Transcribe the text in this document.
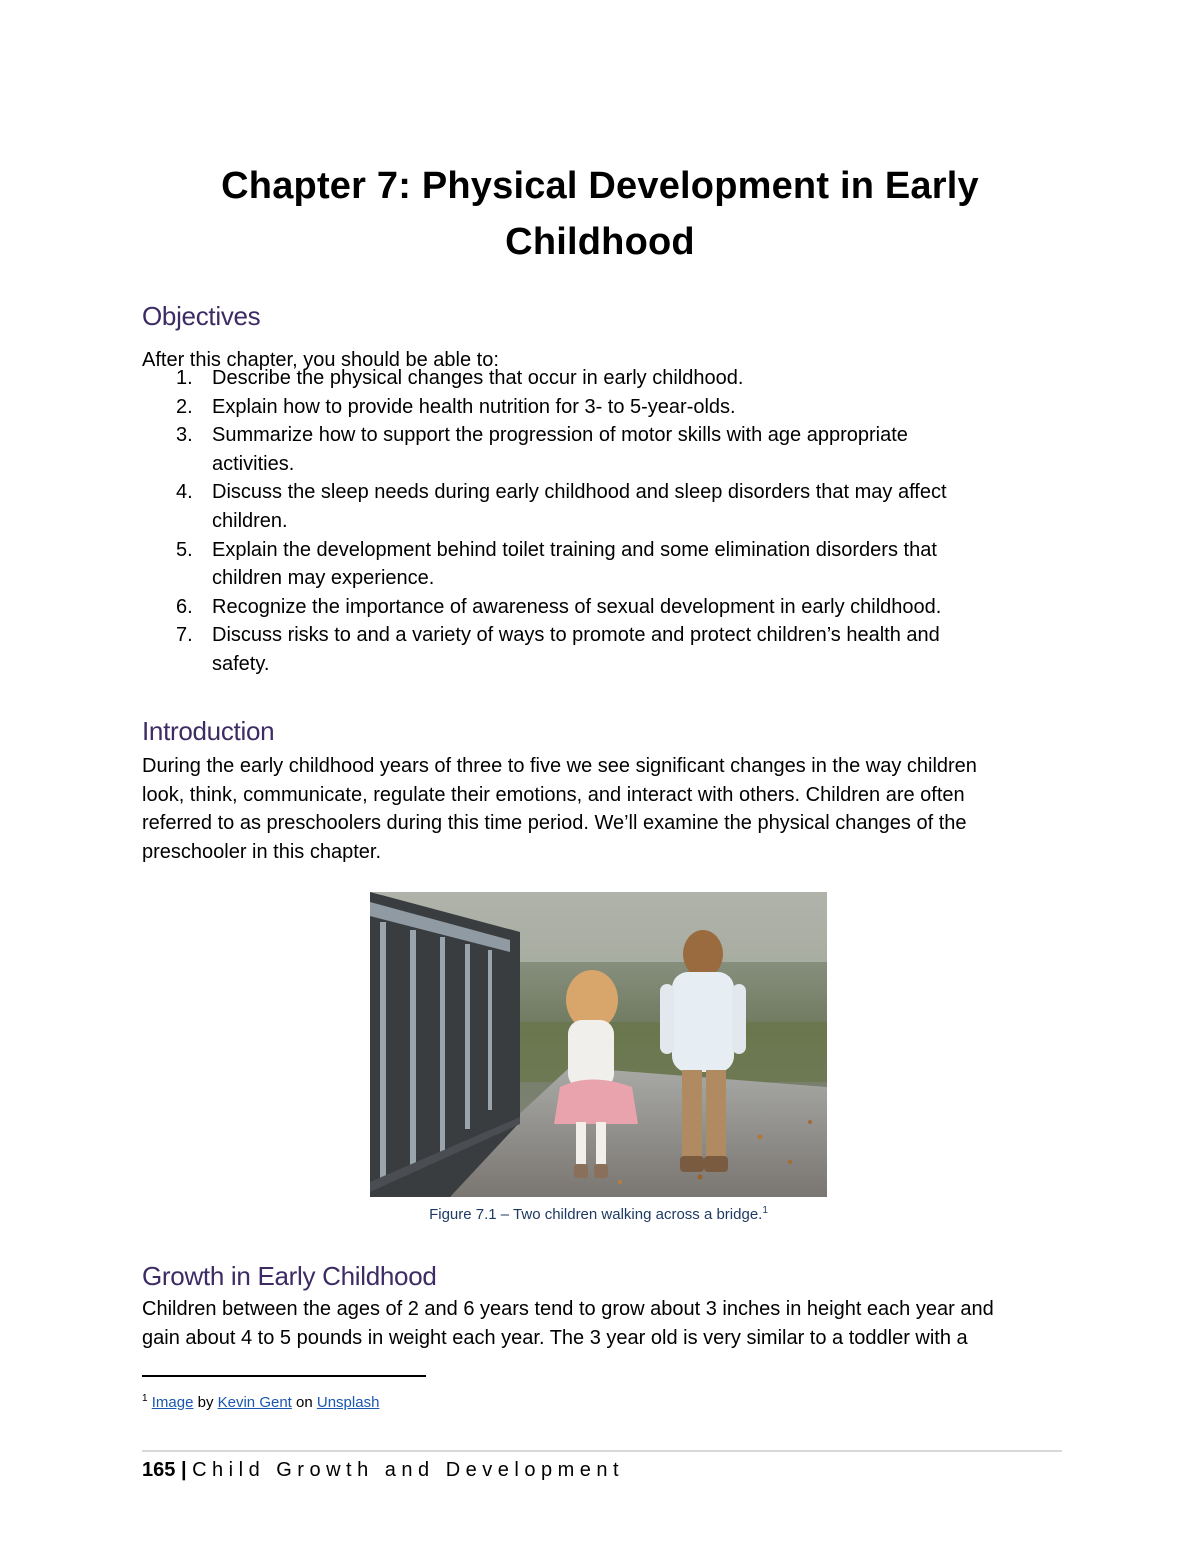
Chapter 7: Physical Development in Early
Childhood
Objectives
After this chapter, you should be able to:
1. Describe the physical changes that occur in early childhood.
2. Explain how to provide health nutrition for 3- to 5-year-olds.
3. Summarize how to support the progression of motor skills with age appropriate
activities.
4. Discuss the sleep needs during early childhood and sleep disorders that may affect
children.
5. Explain the development behind toilet training and some elimination disorders that
children may experience.
6. Recognize the importance of awareness of sexual development in early childhood.
7. Discuss risks to and a variety of ways to promote and protect children’s health and
safety.
Introduction
During the early childhood years of three to five we see significant changes in the way children
look, think, communicate, regulate their emotions, and interact with others. Children are often
referred to as preschoolers during this time period. We’ll examine the physical changes of the
preschooler in this chapter.
Figure 7.1 – Two children walking across a bridge.$^1$
Growth in Early Childhood
Children between the ages of 2 and 6 years tend to grow about 3 inches in height each year and
gain about 4 to 5 pounds in weight each year. The 3 year old is very similar to a toddler with a
$^1$ Image by Kevin Gent on Unsplash
165 | Child Growth and Development
